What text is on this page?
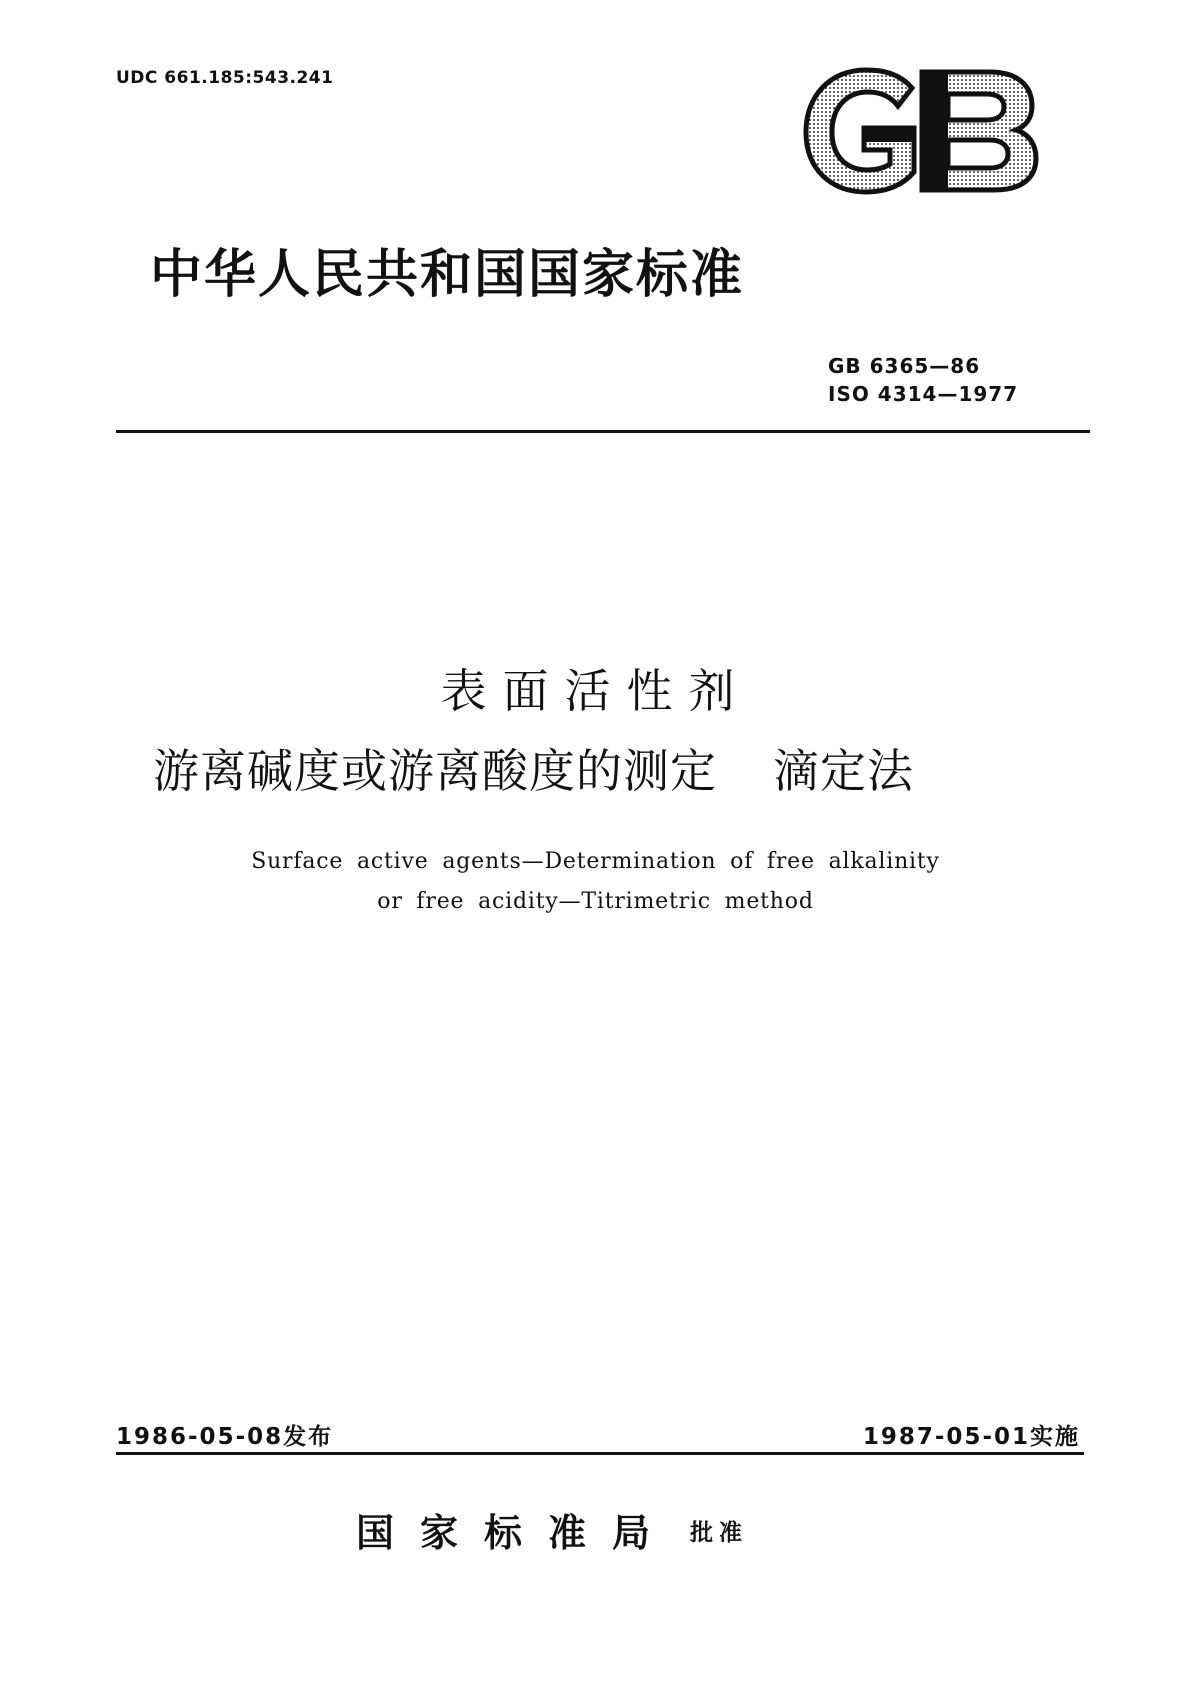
UDC 661.185:543.241
中华人民共和国国家标准
GB 6365—86
ISO 4314—1977
表面活性剂
游离碱度或游离酸度的测定 滴定法
Surface active agents—Determination of free alkalinity
or free acidity—Titrimetric method
1986-05-08发布	1987-05-01实施
国家标准局 批准
